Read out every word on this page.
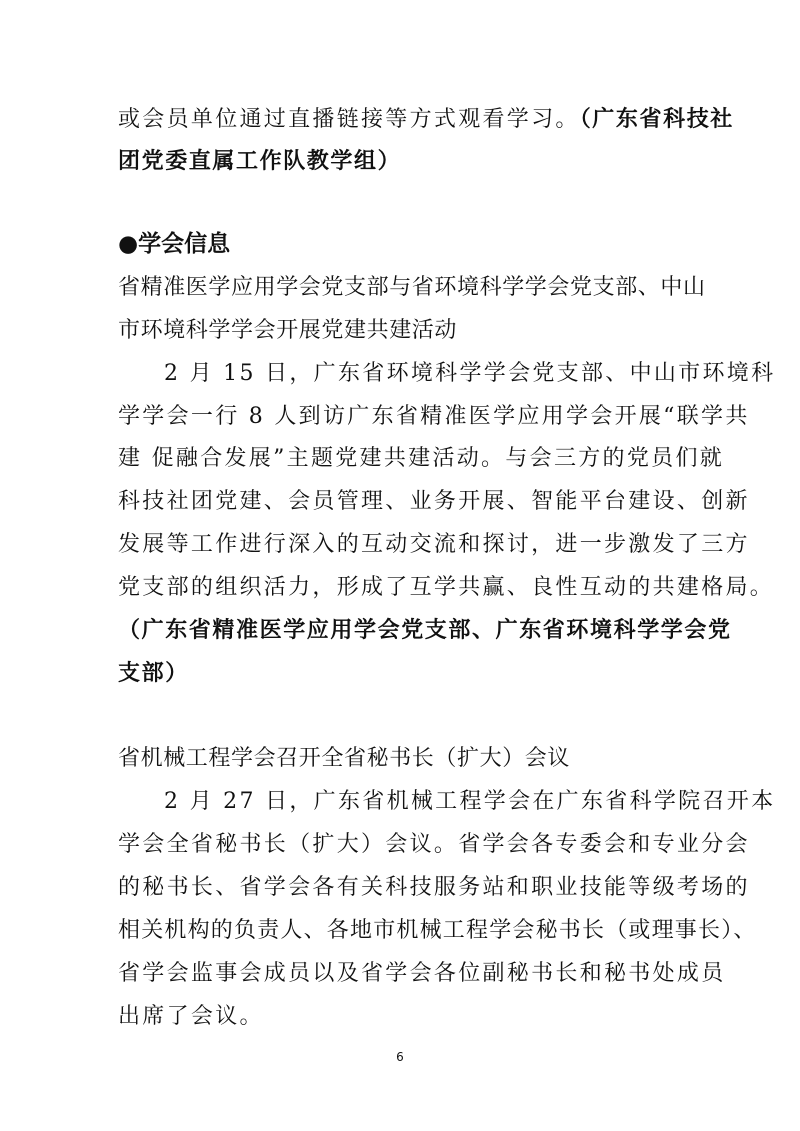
或会员单位通过直播链接等方式观看学习。（广东省科技社
团党委直属工作队教学组）
●学会信息
省精准医学应用学会党支部与省环境科学学会党支部、中山
市环境科学学会开展党建共建活动
2 月 15 日，广东省环境科学学会党支部、中山市环境科
学学会一行 8 人到访广东省精准医学应用学会开展“联学共
建 促融合发展”主题党建共建活动。与会三方的党员们就
科技社团党建、会员管理、业务开展、智能平台建设、创新
发展等工作进行深入的互动交流和探讨，进一步激发了三方
党支部的组织活力，形成了互学共赢、良性互动的共建格局。
（广东省精准医学应用学会党支部、广东省环境科学学会党
支部）
省机械工程学会召开全省秘书长（扩大）会议
2 月 27 日，广东省机械工程学会在广东省科学院召开本
学会全省秘书长（扩大）会议。省学会各专委会和专业分会
的秘书长、省学会各有关科技服务站和职业技能等级考场的
相关机构的负责人、各地市机械工程学会秘书长（或理事长）、
省学会监事会成员以及省学会各位副秘书长和秘书处成员
出席了会议。
6
